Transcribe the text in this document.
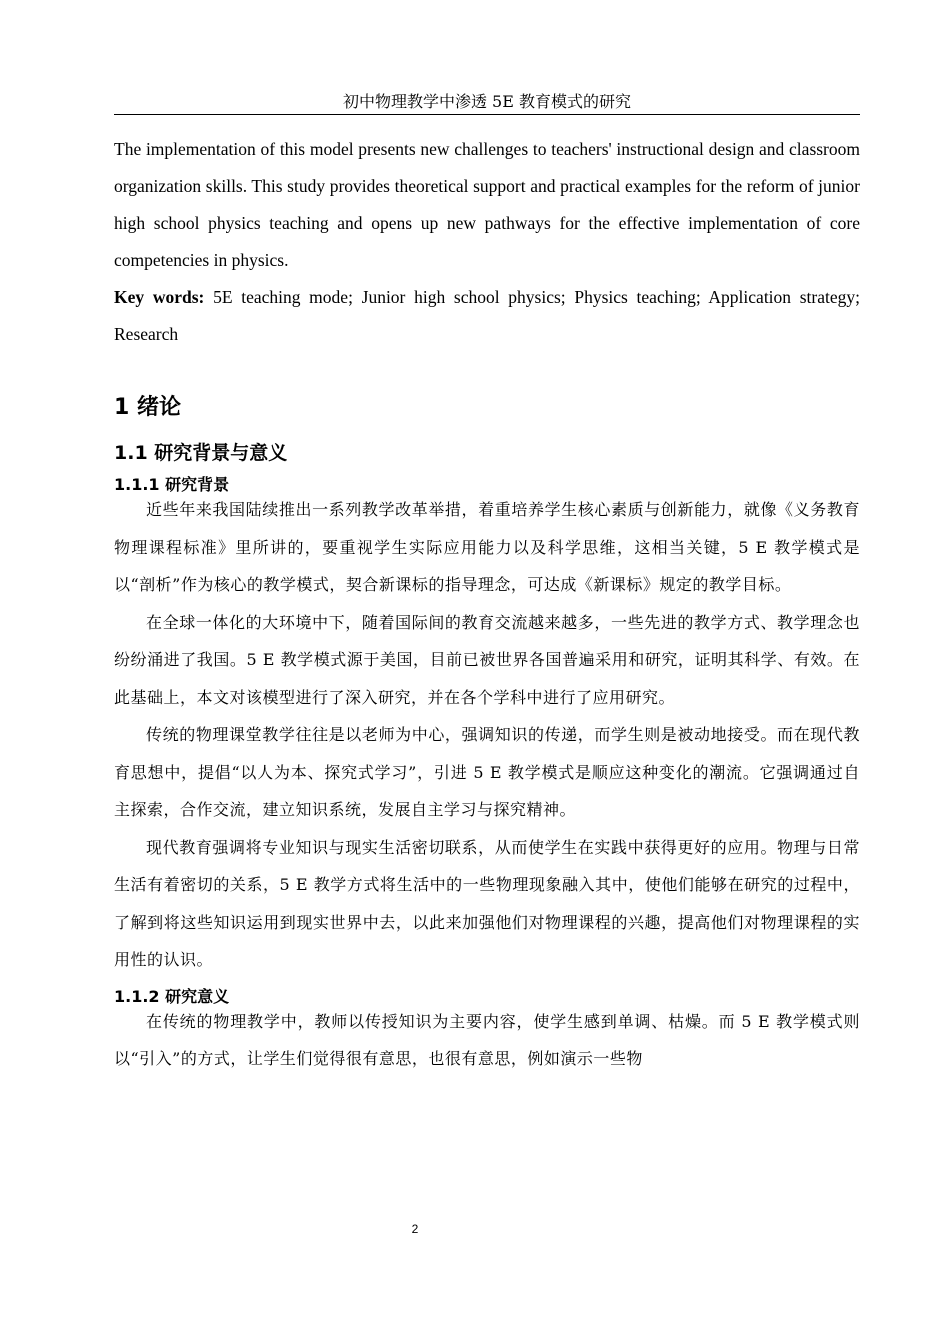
初中物理教学中渗透 5E 教育模式的研究

The implementation of this model presents new challenges to teachers' instructional design and classroom organization skills. This study provides theoretical support and practical examples for the reform of junior high school physics teaching and opens up new pathways for the effective implementation of core competencies in physics.

Key words: 5E teaching mode; Junior high school physics; Physics teaching; Application strategy; Research

1 绪论
1.1 研究背景与意义
1.1.1 研究背景

近些年来我国陆续推出一系列教学改革举措，着重培养学生核心素质与创新能力，就像《义务教育物理课程标准》里所讲的，要重视学生实际应用能力以及科学思维，这相当关键，5 E 教学模式是以“剖析”作为核心的教学模式，契合新课标的指导理念，可达成《新课标》规定的教学目标。

在全球一体化的大环境中下，随着国际间的教育交流越来越多，一些先进的教学方式、教学理念也纷纷涌进了我国。5 E 教学模式源于美国，目前已被世界各国普遍采用和研究，证明其科学、有效。在此基础上，本文对该模型进行了深入研究，并在各个学科中进行了应用研究。

传统的物理课堂教学往往是以老师为中心，强调知识的传递，而学生则是被动地接受。而在现代教育思想中，提倡“以人为本、探究式学习”，引进 5 E 教学模式是顺应这种变化的潮流。它强调通过自主探索，合作交流，建立知识系统，发展自主学习与探究精神。

现代教育强调将专业知识与现实生活密切联系，从而使学生在实践中获得更好的应用。物理与日常生活有着密切的关系，5 E 教学方式将生活中的一些物理现象融入其中，使他们能够在研究的过程中，了解到将这些知识运用到现实世界中去，以此来加强他们对物理课程的兴趣，提高他们对物理课程的实用性的认识。

1.1.2 研究意义

在传统的物理教学中，教师以传授知识为主要内容，使学生感到单调、枯燥。而 5 E 教学模式则以“引入”的方式，让学生们觉得很有意思，也很有意思，例如演示一些物

2
